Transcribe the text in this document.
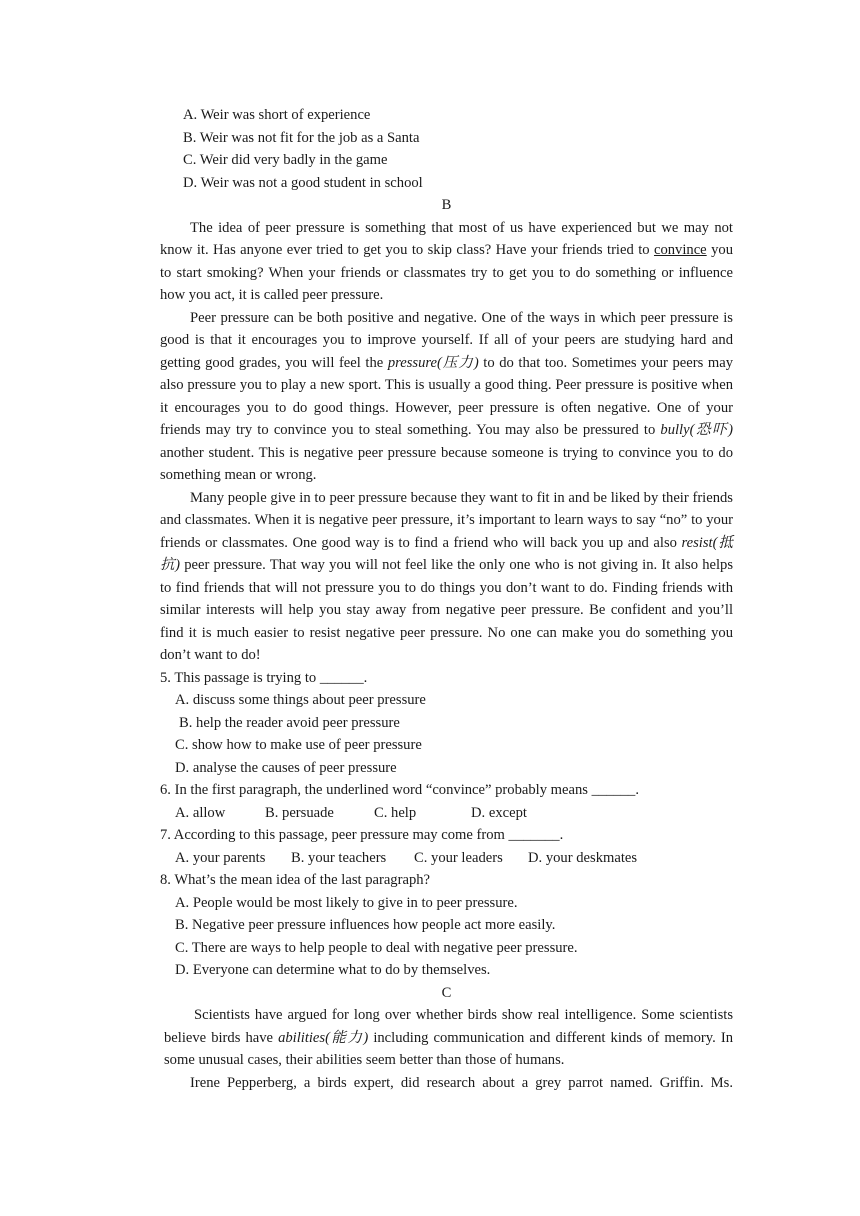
A. Weir was short of experience
B. Weir was not fit for the job as a Santa
C. Weir did very badly in the game
D. Weir was not a good student in school
B

The idea of peer pressure is something that most of us have experienced but we may not know it. Has anyone ever tried to get you to skip class? Have your friends tried to convince you to start smoking? When your friends or classmates try to get you to do something or influence how you act, it is called peer pressure.

Peer pressure can be both positive and negative. One of the ways in which peer pressure is good is that it encourages you to improve yourself. If all of your peers are studying hard and getting good grades, you will feel the pressure(压力) to do that too. Sometimes your peers may also pressure you to play a new sport. This is usually a good thing. Peer pressure is positive when it encourages you to do good things. However, peer pressure is often negative. One of your friends may try to convince you to steal something. You may also be pressured to bully(恐吓) another student. This is negative peer pressure because someone is trying to convince you to do something mean or wrong.

Many people give in to peer pressure because they want to fit in and be liked by their friends and classmates. When it is negative peer pressure, it’s important to learn ways to say “no” to your friends or classmates. One good way is to find a friend who will back you up and also resist(抵抗) peer pressure. That way you will not feel like the only one who is not giving in. It also helps to find friends that will not pressure you to do things you don’t want to do. Finding friends with similar interests will help you stay away from negative peer pressure. Be confident and you’ll find it is much easier to resist negative peer pressure. No one can make you do something you don’t want to do!

5. This passage is trying to ______.
A. discuss some things about peer pressure
B. help the reader avoid peer pressure
C. show how to make use of peer pressure
D. analyse the causes of peer pressure
6. In the first paragraph, the underlined word “convince” probably means ______.
A. allow	B. persuade	C. help	D. except
7. According to this passage, peer pressure may come from _______.
A. your parents	B. your teachers	C. your leaders	D. your deskmates
8. What’s the mean idea of the last paragraph?
A. People would be most likely to give in to peer pressure.
B. Negative peer pressure influences how people act more easily.
C. There are ways to help people to deal with negative peer pressure.
D. Everyone can determine what to do by themselves.
C

Scientists have argued for long over whether birds show real intelligence. Some scientists believe birds have abilities(能力) including communication and different kinds of memory. In some unusual cases, their abilities seem better than those of humans.

Irene Pepperberg, a birds expert, did research about a grey parrot named. Griffin. Ms.
